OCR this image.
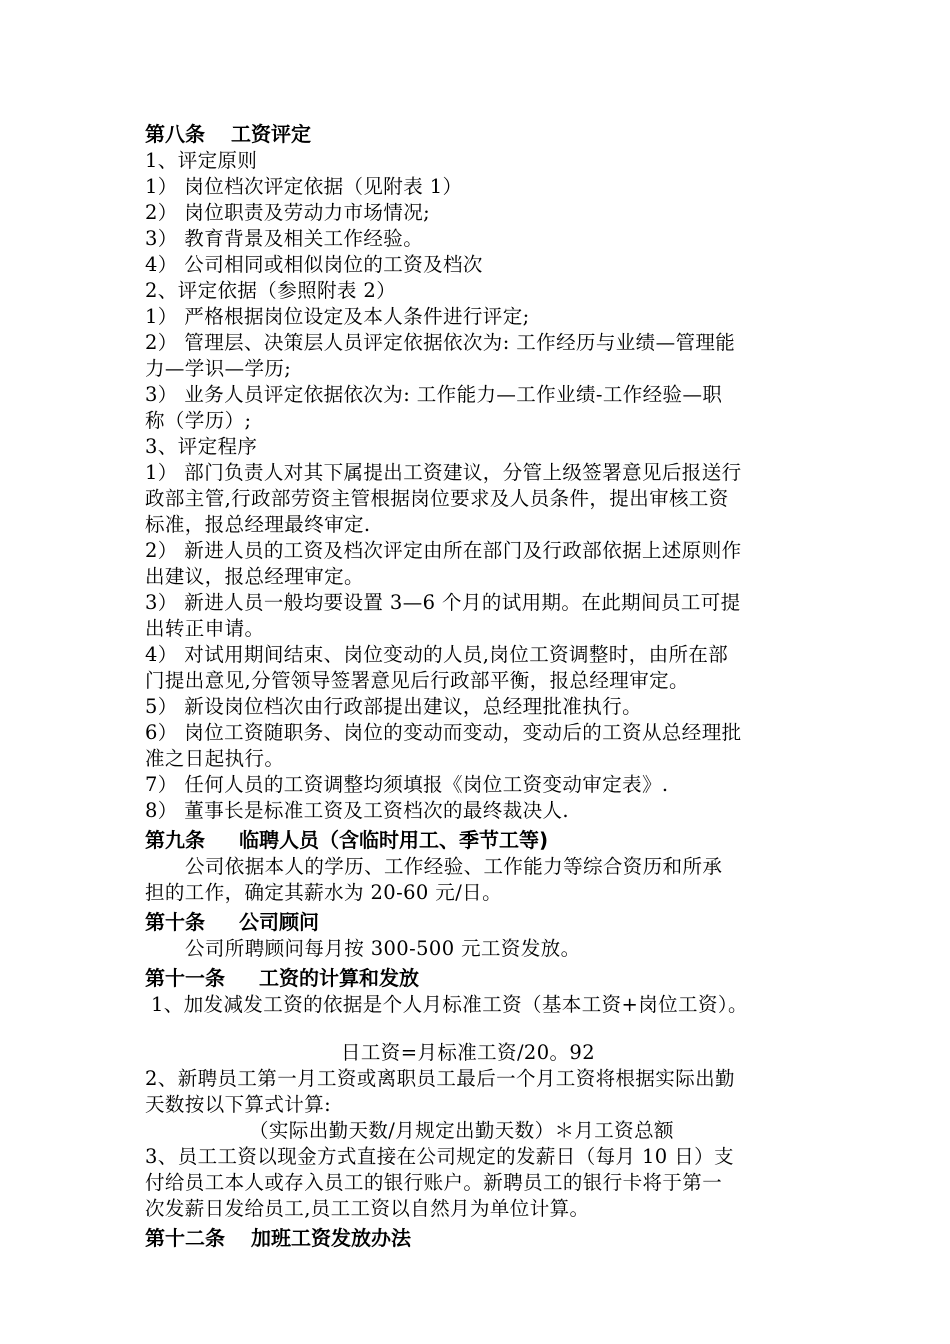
第八条 工资评定
1、评定原则
1） 岗位档次评定依据（见附表 1）
2） 岗位职责及劳动力市场情况;
3） 教育背景及相关工作经验。
4） 公司相同或相似岗位的工资及档次
2、评定依据（参照附表 2）
1） 严格根据岗位设定及本人条件进行评定;
2） 管理层、决策层人员评定依据依次为: 工作经历与业绩—管理能
力—学识—学历;
3） 业务人员评定依据依次为: 工作能力—工作业绩-工作经验—职
称（学历）;
3、评定程序
1） 部门负责人对其下属提出工资建议，分管上级签署意见后报送行
政部主管,行政部劳资主管根据岗位要求及人员条件，提出审核工资
标准，报总经理最终审定.
2） 新进人员的工资及档次评定由所在部门及行政部依据上述原则作
出建议，报总经理审定。
3） 新进人员一般均要设置 3—6 个月的试用期。在此期间员工可提
出转正申请。
4） 对试用期间结束、岗位变动的人员,岗位工资调整时，由所在部
门提出意见,分管领导签署意见后行政部平衡，报总经理审定。
5） 新设岗位档次由行政部提出建议，总经理批准执行。
6） 岗位工资随职务、岗位的变动而变动，变动后的工资从总经理批
准之日起执行。
7） 任何人员的工资调整均须填报《岗位工资变动审定表》.
8） 董事长是标准工资及工资档次的最终裁决人.
第九条 临聘人员（含临时用工、季节工等)
公司依据本人的学历、工作经验、工作能力等综合资历和所承
担的工作，确定其薪水为 20-60 元/日。
第十条 公司顾问
公司所聘顾问每月按 300-500 元工资发放。
第十一条 工资的计算和发放
1、加发减发工资的依据是个人月标准工资（基本工资+岗位工资）。
日工资=月标准工资/20。92
2、新聘员工第一月工资或离职员工最后一个月工资将根据实际出勤
天数按以下算式计算:
（实际出勤天数/月规定出勤天数）＊月工资总额
3、员工工资以现金方式直接在公司规定的发薪日（每月 10 日）支
付给员工本人或存入员工的银行账户。新聘员工的银行卡将于第一
次发薪日发给员工,员工工资以自然月为单位计算。
第十二条 加班工资发放办法
